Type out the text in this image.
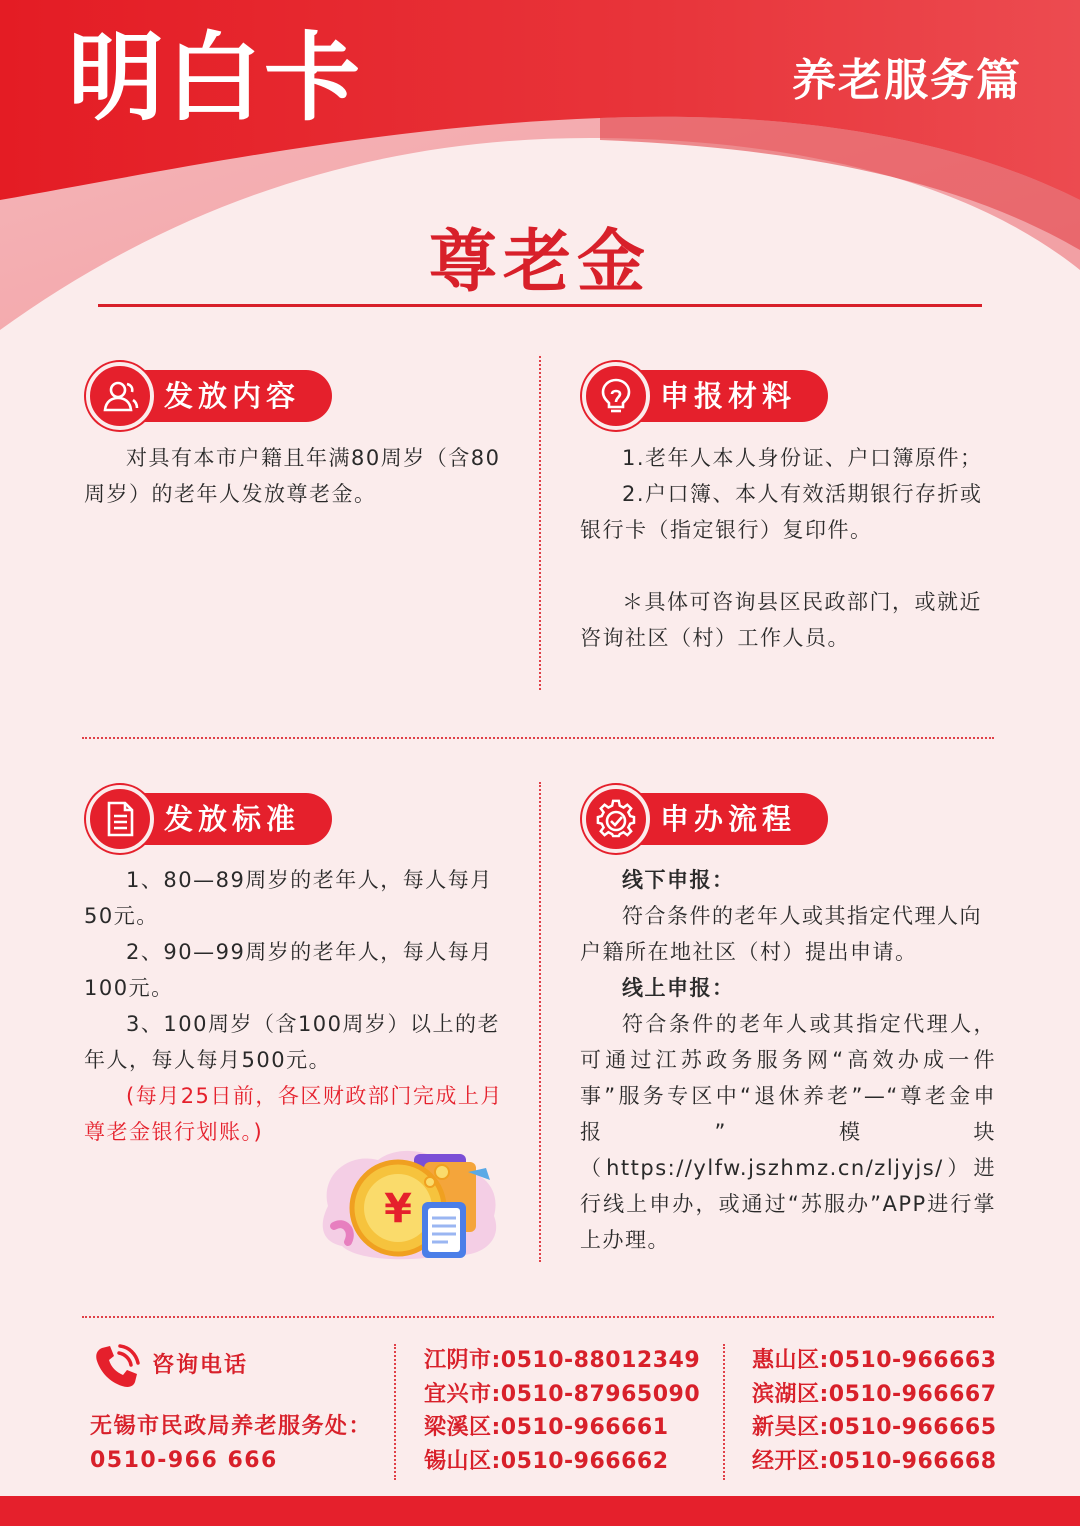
明白卡	养老服务篇
尊老金
发放内容

对具有本市户籍且年满80周岁（含80周岁）的老年人发放尊老金。

申报材料

1.老年人本人身份证、户口簿原件；

2.户口簿、本人有效活期银行存折或银行卡（指定银行）复印件。

＊具体可咨询县区民政部门，或就近咨询社区（村）工作人员。

发放标准

1、80—89周岁的老年人，每人每月50元。

2、90—99周岁的老年人，每人每月100元。

3、100周岁（含100周岁）以上的老年人，每人每月500元。

(每月25日前，各区财政部门完成上月尊老金银行划账。)

¥
申办流程

线下申报：

符合条件的老年人或其指定代理人向户籍所在地社区（村）提出申请。

线上申报：

符合条件的老年人或其指定代理人，可通过江苏政务服务网“高效办成一件事”服务专区中“退休养老”—“尊老金申报”模块（https://ylfw.jszhmz.cn/zljyjs/）进行线上申办，或通过“苏服办”APP进行掌上办理。

咨询电话
无锡市民政局养老服务处：
0510-966 666
江阴市:0510-88012349
宜兴市:0510-87965090
梁溪区:0510-966661
锡山区:0510-966662
惠山区:0510-966663
滨湖区:0510-966667
新吴区:0510-966665
经开区:0510-966668
